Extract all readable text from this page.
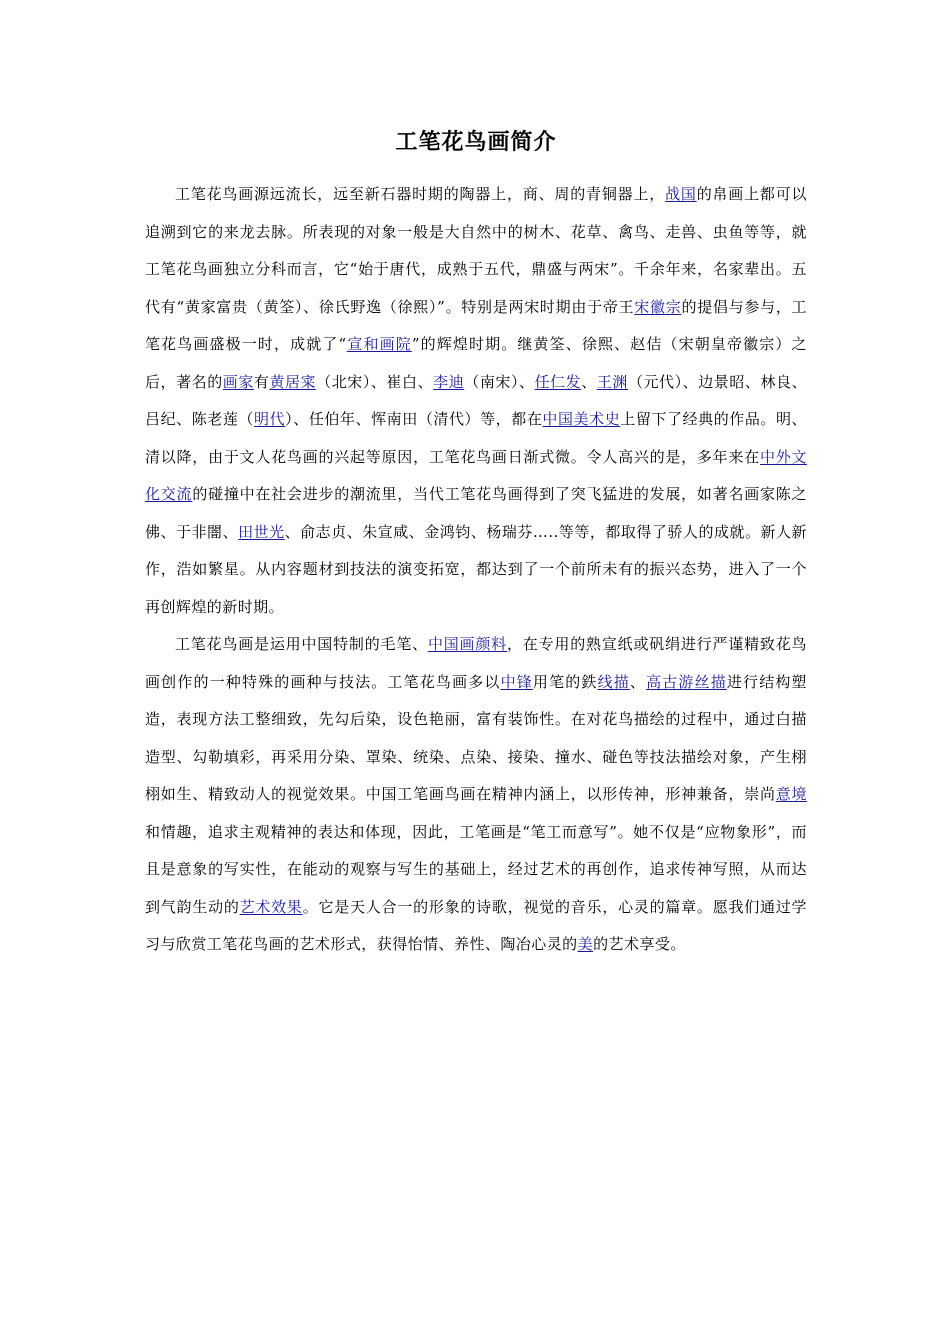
工笔花鸟画简介

工笔花鸟画源远流长，远至新石器时期的陶器上，商、周的青铜器上，战国的帛画上都可以追溯到它的来龙去脉。所表现的对象一般是大自然中的树木、花草、禽鸟、走兽、虫鱼等等，就工笔花鸟画独立分科而言，它“始于唐代，成熟于五代，鼎盛与两宋”。千余年来，名家辈出。五代有“黄家富贵（黄筌）、徐氏野逸（徐熙）”。特别是两宋时期由于帝王宋徽宗的提倡与参与，工笔花鸟画盛极一时，成就了“宣和画院”的辉煌时期。继黄筌、徐熙、赵佶（宋朝皇帝徽宗）之后，著名的画家有黄居寀（北宋）、崔白、李迪（南宋）、任仁发、王渊（元代）、边景昭、林良、吕纪、陈老莲（明代）、任伯年、恽南田（清代）等，都在中国美术史上留下了经典的作品。明、清以降，由于文人花鸟画的兴起等原因，工笔花鸟画日渐式微。令人高兴的是，多年来在中外文化交流的碰撞中在社会进步的潮流里，当代工笔花鸟画得到了突飞猛进的发展，如著名画家陈之佛、于非闇、田世光、俞志贞、朱宣咸、金鸿钧、杨瑞芬…..等等，都取得了骄人的成就。新人新作，浩如繁星。从内容题材到技法的演变拓宽，都达到了一个前所未有的振兴态势，进入了一个再创辉煌的新时期。

工笔花鸟画是运用中国特制的毛笔、中国画颜料，在专用的熟宣纸或矾绢进行严谨精致花鸟画创作的一种特殊的画种与技法。工笔花鸟画多以中锋用笔的鉄线描、高古游丝描进行结构塑造，表现方法工整细致，先勾后染，设色艳丽，富有装饰性。在对花鸟描绘的过程中，通过白描造型、勾勒填彩，再采用分染、罩染、统染、点染、接染、撞水、碰色等技法描绘对象，产生栩栩如生、精致动人的视觉效果。中国工笔画鸟画在精神内涵上，以形传神，形神兼备，崇尚意境和情趣，追求主观精神的表达和体现，因此，工笔画是“笔工而意写”。她不仅是“应物象形”，而且是意象的写实性，在能动的观察与写生的基础上，经过艺术的再创作，追求传神写照，从而达到气韵生动的艺术效果。它是天人合一的形象的诗歌，视觉的音乐，心灵的篇章。愿我们通过学习与欣赏工笔花鸟画的艺术形式，获得怡情、养性、陶冶心灵的美的艺术享受。
